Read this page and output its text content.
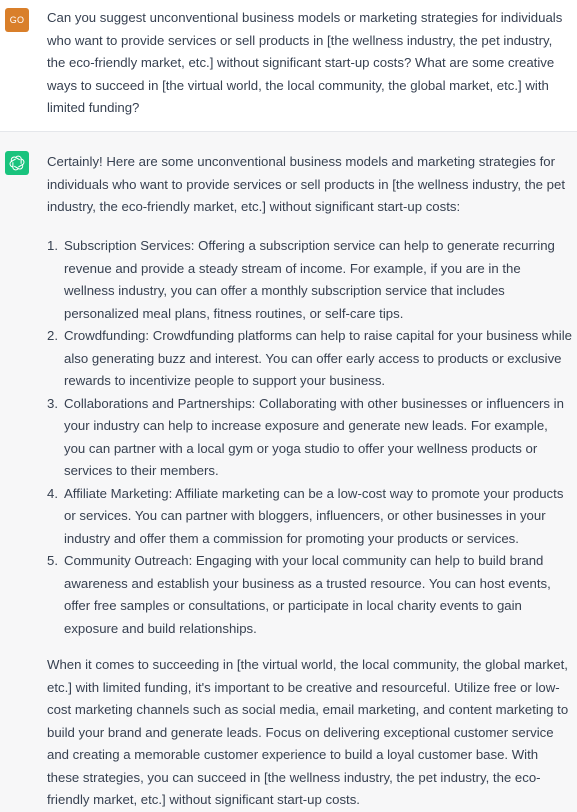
GO Can you suggest unconventional business models or marketing strategies for individuals who want to provide services or sell products in [the wellness industry, the pet industry, the eco-friendly market, etc.] without significant start-up costs? What are some creative ways to succeed in [the virtual world, the local community, the global market, etc.] with limited funding?

Certainly! Here are some unconventional business models and marketing strategies for individuals who want to provide services or sell products in [the wellness industry, the pet industry, the eco-friendly market, etc.] without significant start-up costs:

1. Subscription Services: Offering a subscription service can help to generate recurring revenue and provide a steady stream of income. For example, if you are in the wellness industry, you can offer a monthly subscription service that includes personalized meal plans, fitness routines, or self-care tips.
2. Crowdfunding: Crowdfunding platforms can help to raise capital for your business while also generating buzz and interest. You can offer early access to products or exclusive rewards to incentivize people to support your business.
3. Collaborations and Partnerships: Collaborating with other businesses or influencers in your industry can help to increase exposure and generate new leads. For example, you can partner with a local gym or yoga studio to offer your wellness products or services to their members.
4. Affiliate Marketing: Affiliate marketing can be a low-cost way to promote your products or services. You can partner with bloggers, influencers, or other businesses in your industry and offer them a commission for promoting your products or services.
5. Community Outreach: Engaging with your local community can help to build brand awareness and establish your business as a trusted resource. You can host events, offer free samples or consultations, or participate in local charity events to gain exposure and build relationships.

When it comes to succeeding in [the virtual world, the local community, the global market, etc.] with limited funding, it's important to be creative and resourceful. Utilize free or low-cost marketing channels such as social media, email marketing, and content marketing to build your brand and generate leads. Focus on delivering exceptional customer service and creating a memorable customer experience to build a loyal customer base. With these strategies, you can succeed in [the wellness industry, the pet industry, the eco-friendly market, etc.] without significant start-up costs.
